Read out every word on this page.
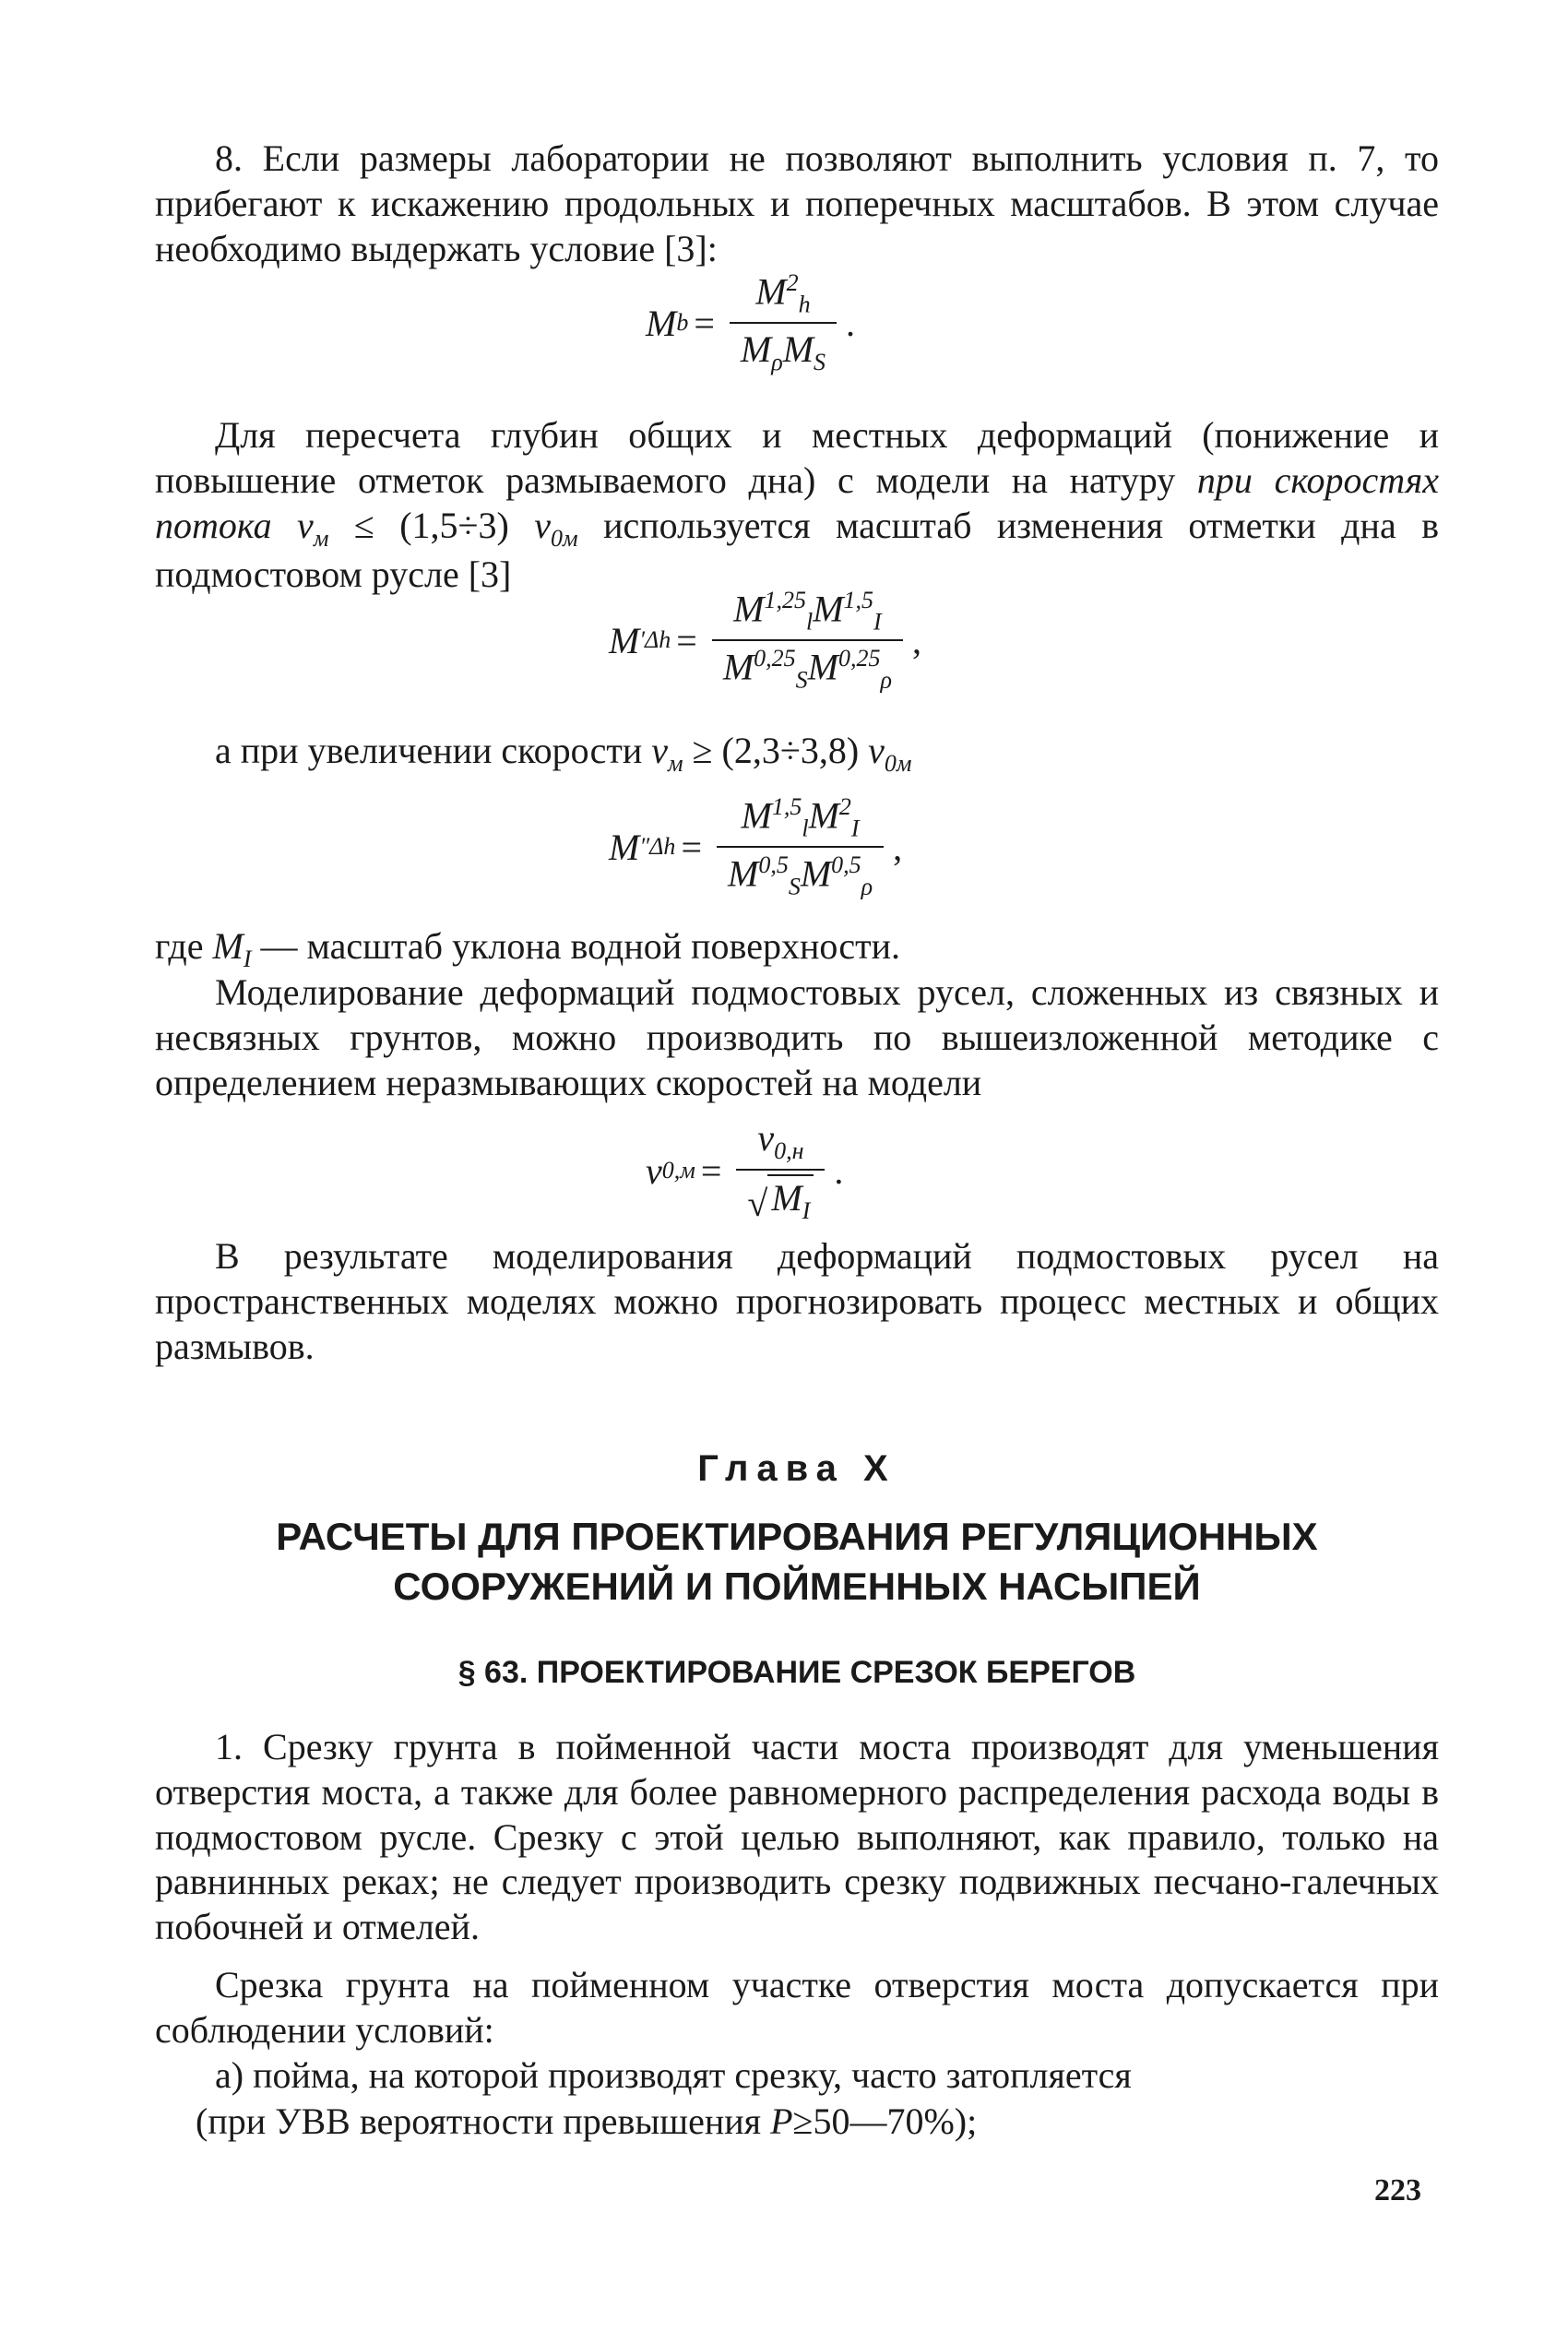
8. Если размеры лаборатории не позволяют выполнить условия п. 7, то прибегают к искажению продольных и поперечных масштабов. В этом случае необходимо выдержать условие [3]:

M $b = \frac{M^2_h}{M_\rho M_S}$ .
Для пересчета глубин общих и местных деформаций (понижение и повышение отметок размываемого дна) с модели на натуру при скоростях потока $v_м \le (1,5\div 3)$ $v_{0м}$ используется масштаб изменения отметки дна в подмостовом русле [3]
M ′ $\Delta h = \frac{M^{1,25}_lM^{1,5}_I}{M^{0,25}_SM^{0,25}_\rho}$ ,
а при увеличении скорости $v_м \ge (2,3\div 3,8)$ $v_{0м}$
M ″ $\Delta h = \frac{M^{1,5}_lM^2_I}{M^{0,5}_SM^{0,5}_\rho}$ ,
где $M_I$ — масштаб уклона водной поверхности.

Моделирование деформаций подмостовых русел, сложенных из связных и несвязных грунтов, можно производить по вышеизложенной методике с определением неразмывающих скоростей на модели

v $0,м = \frac{v_{0,н}}{√ M_I}$ .

В результате моделирования деформаций подмостовых русел на пространственных моделях можно прогнозировать процесс местных и общих размывов.

Глава X
РАСЧЕТЫ ДЛЯ ПРОЕКТИРОВАНИЯ РЕГУЛЯЦИОННЫХ
СООРУЖЕНИЙ И ПОЙМЕННЫХ НАСЫПЕЙ
§ 63. ПРОЕКТИРОВАНИЕ СРЕЗОК БЕРЕГОВ

1. Срезку грунта в пойменной части моста производят для уменьшения отверстия моста, а также для более равномерного распределения расхода воды в подмостовом русле. Срезку с этой целью выполняют, как правило, только на равнинных реках; не следует производить срезку подвижных песчано-галечных побочней и отмелей.

Срезка грунта на пойменном участке отверстия моста допускается при соблюдении условий:

а) пойма, на которой производят срезку, часто затопляется

(при УВВ вероятности превышения P≥50—70%);
223
